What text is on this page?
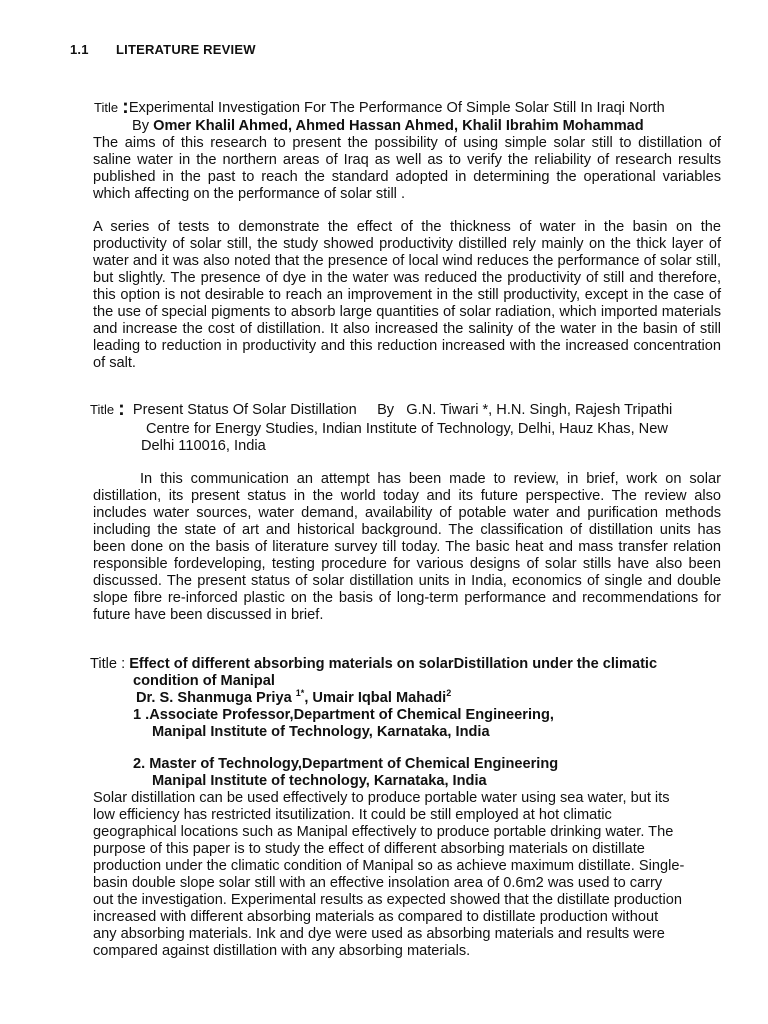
1.1 LITERATURE REVIEW
Title :Experimental Investigation For The Performance Of Simple Solar Still In Iraqi North
By Omer Khalil Ahmed, Ahmed Hassan Ahmed, Khalil Ibrahim Mohammad
The aims of this research to present the possibility of using simple solar still to distillation of saline water in the northern areas of Iraq as well as to verify the reliability of research results published in the past to reach the standard adopted in determining the operational variables which affecting on the performance of solar still .
A series of tests to demonstrate the effect of the thickness of water in the basin on the productivity of solar still, the study showed productivity distilled rely mainly on the thick layer of water and it was also noted that the presence of local wind reduces the performance of solar still, but slightly. The presence of dye in the water was reduced the productivity of still and therefore, this option is not desirable to reach an improvement in the still productivity, except in the case of the use of special pigments to absorb large quantities of solar radiation, which imported materials and increase the cost of distillation. It also increased the salinity of the water in the basin of still leading to reduction in productivity and this reduction increased with the increased concentration of salt.
Title : Present Status Of Solar Distillation By G.N. Tiwari *, H.N. Singh, Rajesh Tripathi
Centre for Energy Studies, Indian Institute of Technology, Delhi, Hauz Khas, New
Delhi 110016, India
In this communication an attempt has been made to review, in brief, work on solar distillation, its present status in the world today and its future perspective. The review also includes water sources, water demand, availability of potable water and purification methods including the state of art and historical background. The classification of distillation units has been done on the basis of literature survey till today. The basic heat and mass transfer relation responsible fordeveloping, testing procedure for various designs of solar stills have also been discussed. The present status of solar distillation units in India, economics of single and double slope fibre re-inforced plastic on the basis of long-term performance and recommendations for future have been discussed in brief.
Title : Effect of different absorbing materials on solarDistillation under the climatic
condition of Manipal
Dr. S. Shanmuga Priya $^{1*}$, Umair Iqbal Mahadi$^2$
1 .Associate Professor,Department of Chemical Engineering,
Manipal Institute of Technology, Karnataka, India
2. Master of Technology,Department of Chemical Engineering
Manipal Institute of technology, Karnataka, India
Solar distillation can be used effectively to produce portable water using sea water, but its
low efficiency has restricted itsutilization. It could be still employed at hot climatic
geographical locations such as Manipal effectively to produce portable drinking water. The
purpose of this paper is to study the effect of different absorbing materials on distillate
production under the climatic condition of Manipal so as achieve maximum distillate. Single-
basin double slope solar still with an effective insolation area of 0.6m2 was used to carry
out the investigation. Experimental results as expected showed that the distillate production
increased with different absorbing materials as compared to distillate production without
any absorbing materials. Ink and dye were used as absorbing materials and results were
compared against distillation with any absorbing materials.
